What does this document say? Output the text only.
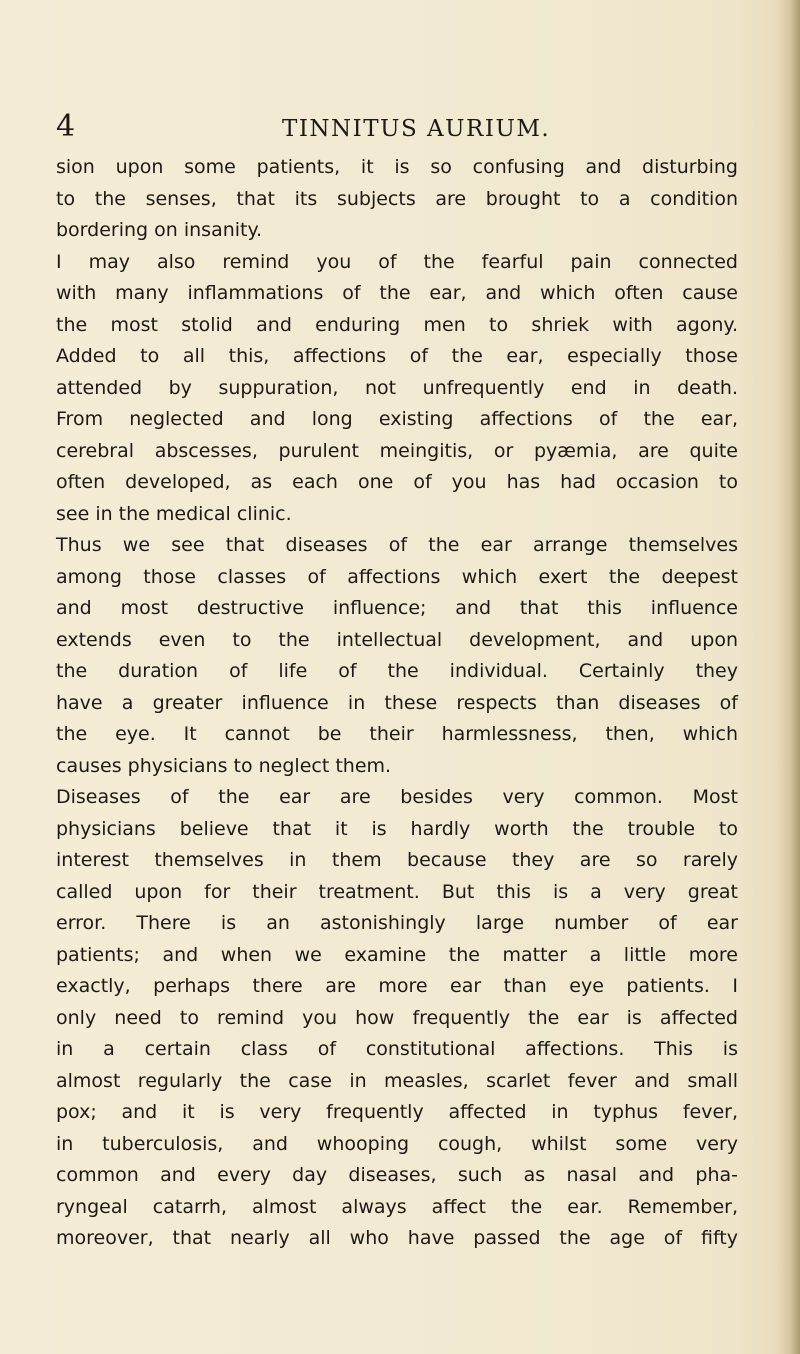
4	TINNITUS AURIUM.
sion upon some patients, it is so confusing and disturbing
to the senses, that its subjects are brought to a condition
bordering on insanity.
I may also remind you of the fearful pain connected
with many inflammations of the ear, and which often cause
the most stolid and enduring men to shriek with agony.
Added to all this, affections of the ear, especially those
attended by suppuration, not unfrequently end in death.
From neglected and long existing affections of the ear,
cerebral abscesses, purulent meingitis, or pyæmia, are quite
often developed, as each one of you has had occasion to
see in the medical clinic.
Thus we see that diseases of the ear arrange themselves
among those classes of affections which exert the deepest
and most destructive influence; and that this influence
extends even to the intellectual development, and upon
the duration of life of the individual. Certainly they
have a greater influence in these respects than diseases of
the eye. It cannot be their harmlessness, then, which
causes physicians to neglect them.
Diseases of the ear are besides very common. Most
physicians believe that it is hardly worth the trouble to
interest themselves in them because they are so rarely
called upon for their treatment. But this is a very great
error. There is an astonishingly large number of ear
patients; and when we examine the matter a little more
exactly, perhaps there are more ear than eye patients. I
only need to remind you how frequently the ear is affected
in a certain class of constitutional affections. This is
almost regularly the case in measles, scarlet fever and small
pox; and it is very frequently affected in typhus fever,
in tuberculosis, and whooping cough, whilst some very
common and every day diseases, such as nasal and pha-
ryngeal catarrh, almost always affect the ear. Remember,
moreover, that nearly all who have passed the age of fifty
